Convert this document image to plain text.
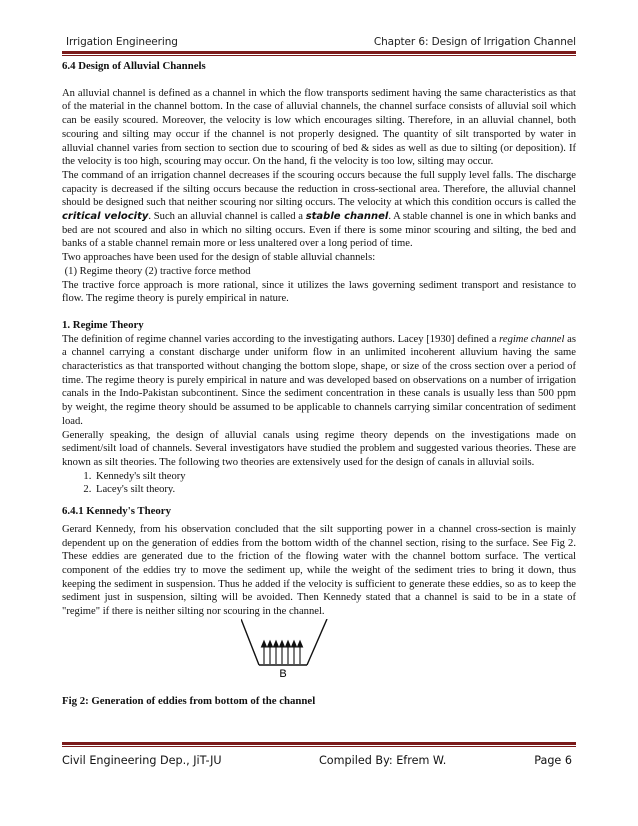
Irrigation Engineering	Chapter 6: Design of Irrigation Channel
6.4 Design of Alluvial Channels

An alluvial channel is defined as a channel in which the flow transports sediment having the same characteristics as that of the material in the channel bottom. In the case of alluvial channels, the channel surface consists of alluvial soil which can be easily scoured. Moreover, the velocity is low which encourages silting. Therefore, in an alluvial channel, both scouring and silting may occur if the channel is not properly designed. The quantity of silt transported by water in alluvial channel varies from section to section due to scouring of bed & sides as well as due to silting (or deposition). If the velocity is too high, scouring may occur. On the hand, fi the velocity is too low, silting may occur.

The command of an irrigation channel decreases if the scouring occurs because the full supply level falls. The discharge capacity is decreased if the silting occurs because the reduction in cross-sectional area. Therefore, the alluvial channel should be designed such that neither scouring nor silting occurs. The velocity at which this condition occurs is called the critical velocity. Such an alluvial channel is called a stable channel. A stable channel is one in which banks and bed are not scoured and also in which no silting occurs. Even if there is some minor scouring and silting, the bed and banks of a stable channel remain more or less unaltered over a long period of time.

Two approaches have been used for the design of stable alluvial channels:

(1) Regime theory (2) tractive force method

The tractive force approach is more rational, since it utilizes the laws governing sediment transport and resistance to flow. The regime theory is purely empirical in nature.

1. Regime Theory

The definition of regime channel varies according to the investigating authors. Lacey [1930] defined a regime channel as a channel carrying a constant discharge under uniform flow in an unlimited incoherent alluvium having the same characteristics as that transported without changing the bottom slope, shape, or size of the cross section over a period of time. The regime theory is purely empirical in nature and was developed based on observations on a number of irrigation canals in the Indo-Pakistan subcontinent. Since the sediment concentration in these canals is usually less than 500 ppm by weight, the regime theory should be assumed to be applicable to channels carrying similar concentration of sediment load.

Generally speaking, the design of alluvial canals using regime theory depends on the investigations made on sediment/silt load of channels. Several investigators have studied the problem and suggested various theories. These are known as silt theories. The following two theories are extensively used for the design of canals in alluvial soils.

1. Kennedy's silt theory
2. Lacey's silt theory.
6.4.1 Kennedy's Theory

Gerard Kennedy, from his observation concluded that the silt supporting power in a channel cross-section is mainly dependent up on the generation of eddies from the bottom width of the channel section, rising to the surface. See Fig 2. These eddies are generated due to the friction of the flowing water with the channel bottom surface. The vertical component of the eddies try to move the sediment up, while the weight of the sediment tries to bring it down, thus keeping the sediment in suspension. Thus he added if the velocity is sufficient to generate these eddies, so as to keep the sediment just in suspension, silting will be avoided. Then Kennedy stated that a channel is said to be in a state of "regime" if there is neither silting nor scouring in the channel.

B

Fig 2: Generation of eddies from bottom of the channel

Civil Engineering Dep., JiT-JU	Compiled By: Efrem W.	Page 6
